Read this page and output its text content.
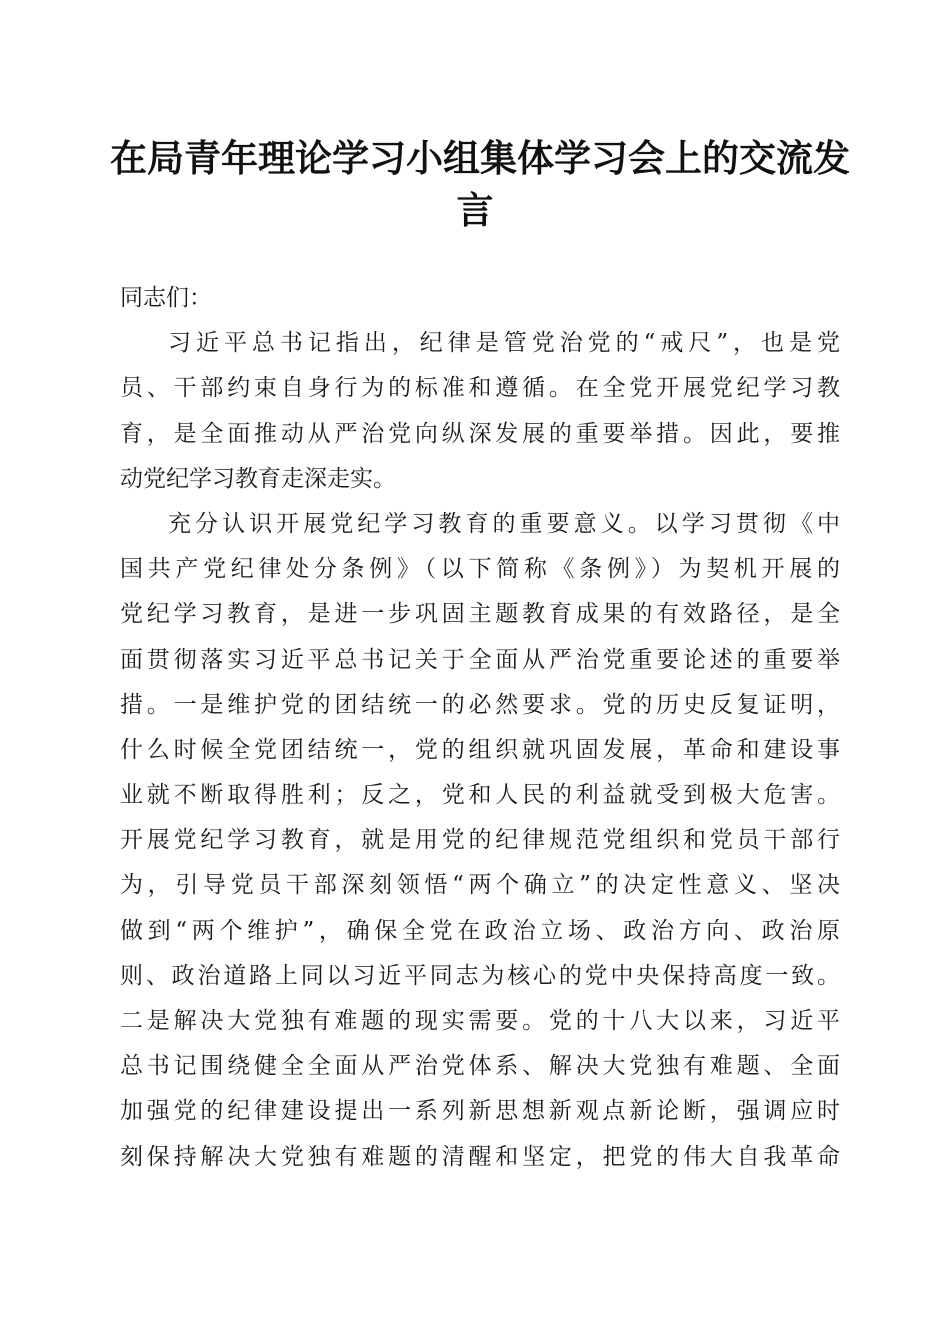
在局青年理论学习小组集体学习会上的交流发
言
同志们：
习近平总书记指出，纪律是管党治党的“戒尺”，也是党
员、干部约束自身行为的标准和遵循。在全党开展党纪学习教
育，是全面推动从严治党向纵深发展的重要举措。因此，要推
动党纪学习教育走深走实。
充分认识开展党纪学习教育的重要意义。以学习贯彻《中
国共产党纪律处分条例》（以下简称《条例》）为契机开展的
党纪学习教育，是进一步巩固主题教育成果的有效路径，是全
面贯彻落实习近平总书记关于全面从严治党重要论述的重要举
措。一是维护党的团结统一的必然要求。党的历史反复证明，
什么时候全党团结统一，党的组织就巩固发展，革命和建设事
业就不断取得胜利；反之，党和人民的利益就受到极大危害。
开展党纪学习教育，就是用党的纪律规范党组织和党员干部行
为，引导党员干部深刻领悟“两个确立”的决定性意义、坚决
做到“两个维护”，确保全党在政治立场、政治方向、政治原
则、政治道路上同以习近平同志为核心的党中央保持高度一致。
二是解决大党独有难题的现实需要。党的十八大以来，习近平
总书记围绕健全全面从严治党体系、解决大党独有难题、全面
加强党的纪律建设提出一系列新思想新观点新论断，强调应时
刻保持解决大党独有难题的清醒和坚定，把党的伟大自我革命
